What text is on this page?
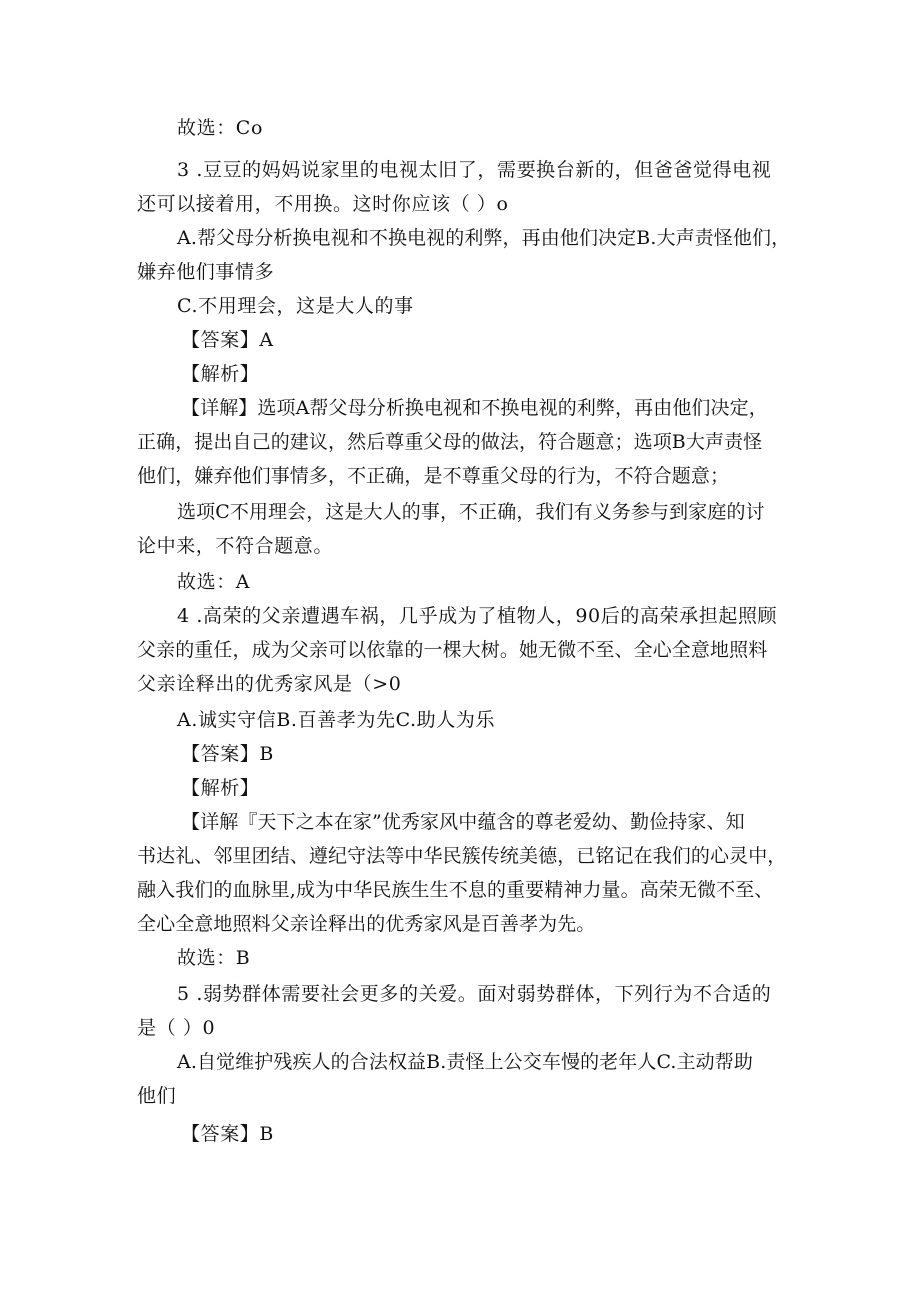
故选：Co
3 .豆豆的妈妈说家里的电视太旧了，需要换台新的，但爸爸觉得电视
还可以接着用，不用换。这时你应该（ ）o
A.帮父母分析换电视和不换电视的利弊，再由他们决定B.大声责怪他们，
嫌弃他们事情多
C.不用理会，这是大人的事
【答案】A
【解析】
【详解】选项A帮父母分析换电视和不换电视的利弊，再由他们决定，
正确，提出自己的建议，然后尊重父母的做法，符合题意；选项B大声责怪
他们，嫌弃他们事情多，不正确，是不尊重父母的行为，不符合题意；
选项C不用理会，这是大人的事，不正确，我们有义务参与到家庭的讨
论中来，不符合题意。
故选：A
4 .高荣的父亲遭遇车祸，几乎成为了植物人，90后的高荣承担起照顾
父亲的重任，成为父亲可以依靠的一棵大树。她无微不至、全心全意地照料
父亲诠释出的优秀家风是（>0
A.诚实守信B.百善孝为先C.助人为乐
【答案】B
【解析】
【详解『天下之本在家”优秀家风中蕴含的尊老爱幼、勤俭持家、知
书达礼、邻里团结、遵纪守法等中华民簇传统美德，已铭记在我们的心灵中，
融入我们的血脉里,成为中华民族生生不息的重要精神力量。高荣无微不至、
全心全意地照料父亲诠释出的优秀家风是百善孝为先。
故选：B
5 .弱势群体需要社会更多的关爱。面对弱势群体，下列行为不合适的
是（ ）0
A.自觉维护残疾人的合法权益B.责怪上公交车慢的老年人C.主动帮助
他们
【答案】B
